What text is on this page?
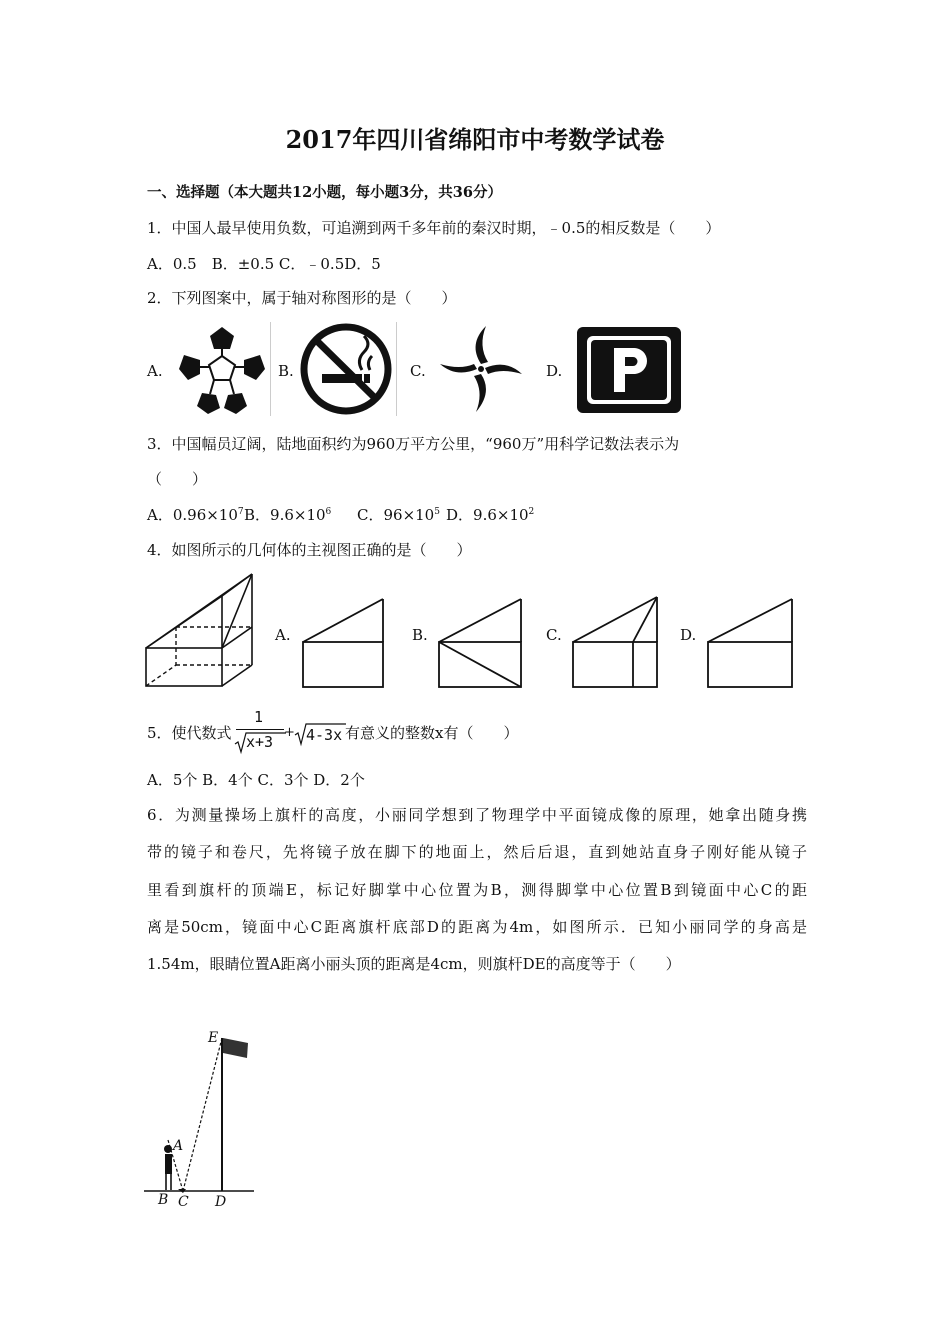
2017年四川省绵阳市中考数学试卷
一、选择题（本大题共12小题，每小题3分，共36分）
1．中国人最早使用负数，可追溯到两千多年前的秦汉时期，﹣0.5的相反数是（　　）
A．0.5　B．±0.5 C．﹣0.5D．5
2．下列图案中，属于轴对称图形的是（　　）
A.	B.	C.	D.
3．中国幅员辽阔，陆地面积约为960万平方公里，“960万”用科学记数法表示为
（　　）
A．$0.96\times 10^7$ B．$9.6\times 10^6$ C．$96\times 10^5$ D．$9.6\times 10^2$
4．如图所示的几何体的主视图正确的是（　　）
A.	B.	C.	D.
5．使代数式
1
x+3
+ 4-3x 有意义的整数x有（　　）
A．5个 B．4个 C．3个 D．2个
6．为测量操场上旗杆的高度，小丽同学想到了物理学中平面镜成像的原理，她拿出随身携
带的镜子和卷尺，先将镜子放在脚下的地面上，然后后退，直到她站直身子刚好能从镜子
里看到旗杆的顶端E，标记好脚掌中心位置为B，测得脚掌中心位置B到镜面中心C的距
离是50cm，镜面中心C距离旗杆底部D的距离为4m，如图所示．已知小丽同学的身高是
1.54m，眼睛位置A距离小丽头顶的距离是4cm，则旗杆DE的高度等于（　　）
E
A
B C D
